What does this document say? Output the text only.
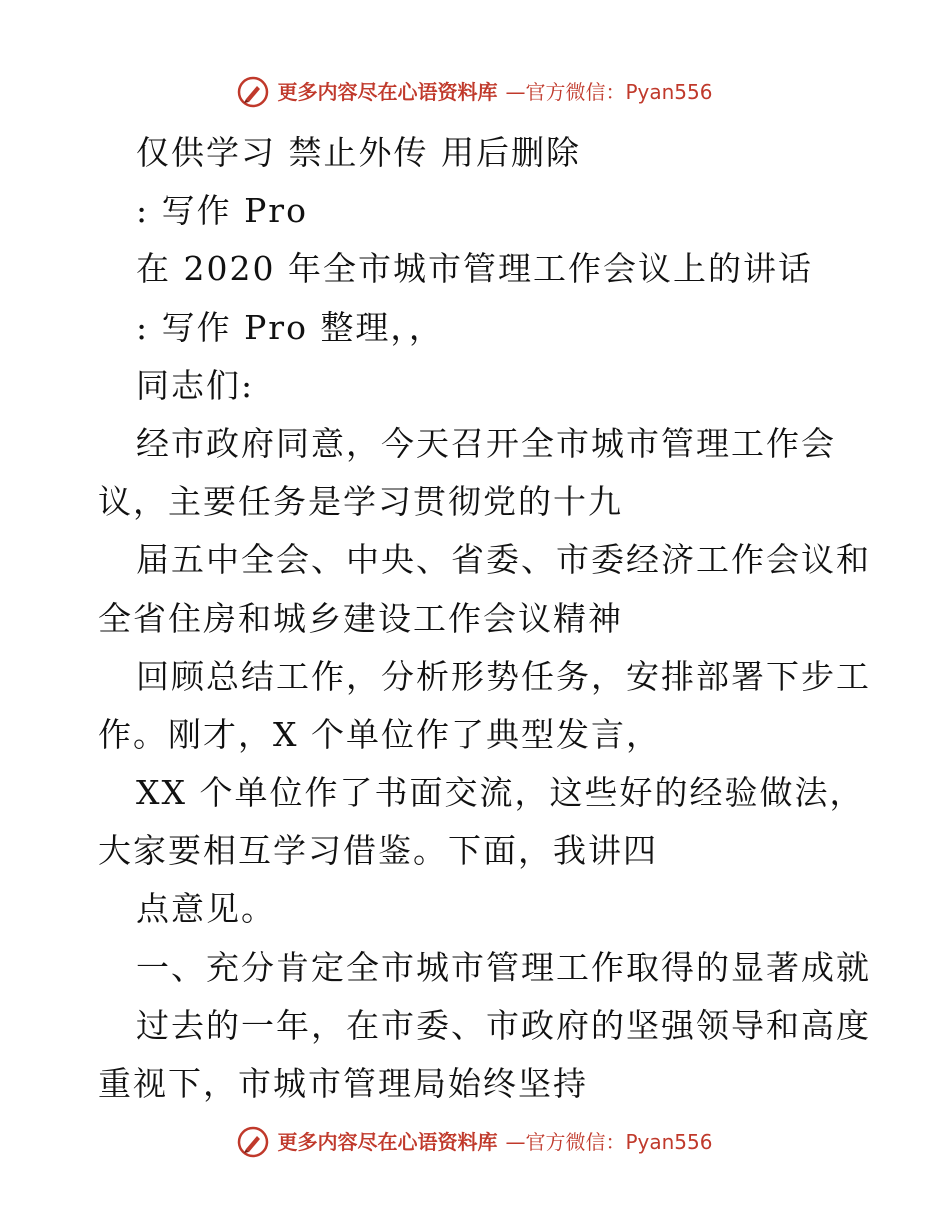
更多内容尽在心语资料库 —官方微信：Pyan556
仅供学习 禁止外传 用后删除
: 写作 Pro
在 2020 年全市城市管理工作会议上的讲话
: 写作 Pro 整理，，
同志们:
经市政府同意，今天召开全市城市管理工作会
议，主要任务是学习贯彻党的十九
届五中全会、中央、省委、市委经济工作会议和
全省住房和城乡建设工作会议精神
回顾总结工作，分析形势任务，安排部署下步工
作。刚才，X 个单位作了典型发言，
XX 个单位作了书面交流，这些好的经验做法，
大家要相互学习借鉴。下面，我讲四
点意见。
一、充分肯定全市城市管理工作取得的显著成就
过去的一年，在市委、市政府的坚强领导和高度
重视下，市城市管理局始终坚持
更多内容尽在心语资料库 —官方微信：Pyan556
